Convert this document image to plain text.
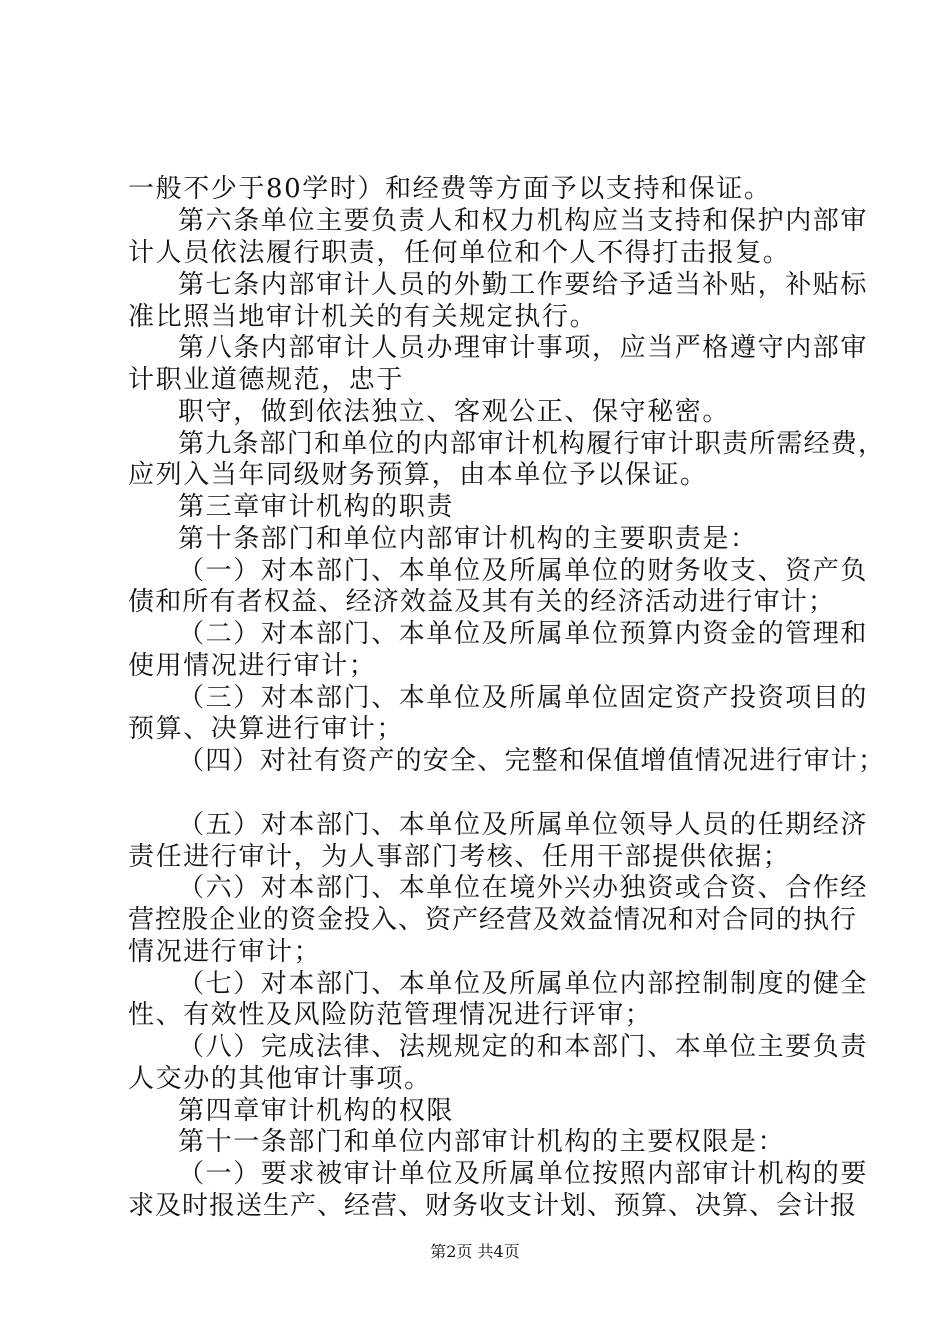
一般不少于80学时）和经费等方面予以支持和保证。
第六条单位主要负责人和权力机构应当支持和保护内部审
计人员依法履行职责，任何单位和个人不得打击报复。
第七条内部审计人员的外勤工作要给予适当补贴，补贴标
准比照当地审计机关的有关规定执行。
第八条内部审计人员办理审计事项，应当严格遵守内部审
计职业道德规范，忠于
职守，做到依法独立、客观公正、保守秘密。
第九条部门和单位的内部审计机构履行审计职责所需经费，
应列入当年同级财务预算，由本单位予以保证。
第三章审计机构的职责
第十条部门和单位内部审计机构的主要职责是：
（一）对本部门、本单位及所属单位的财务收支、资产负
债和所有者权益、经济效益及其有关的经济活动进行审计；
（二）对本部门、本单位及所属单位预算内资金的管理和
使用情况进行审计；
（三）对本部门、本单位及所属单位固定资产投资项目的
预算、决算进行审计；
（四）对社有资产的安全、完整和保值增值情况进行审计；
（五）对本部门、本单位及所属单位领导人员的任期经济
责任进行审计，为人事部门考核、任用干部提供依据；
（六）对本部门、本单位在境外兴办独资或合资、合作经
营控股企业的资金投入、资产经营及效益情况和对合同的执行
情况进行审计；
（七）对本部门、本单位及所属单位内部控制制度的健全
性、有效性及风险防范管理情况进行评审；
（八）完成法律、法规规定的和本部门、本单位主要负责
人交办的其他审计事项。
第四章审计机构的权限
第十一条部门和单位内部审计机构的主要权限是：
（一）要求被审计单位及所属单位按照内部审计机构的要
求及时报送生产、经营、财务收支计划、预算、决算、会计报
第2页 共4页
